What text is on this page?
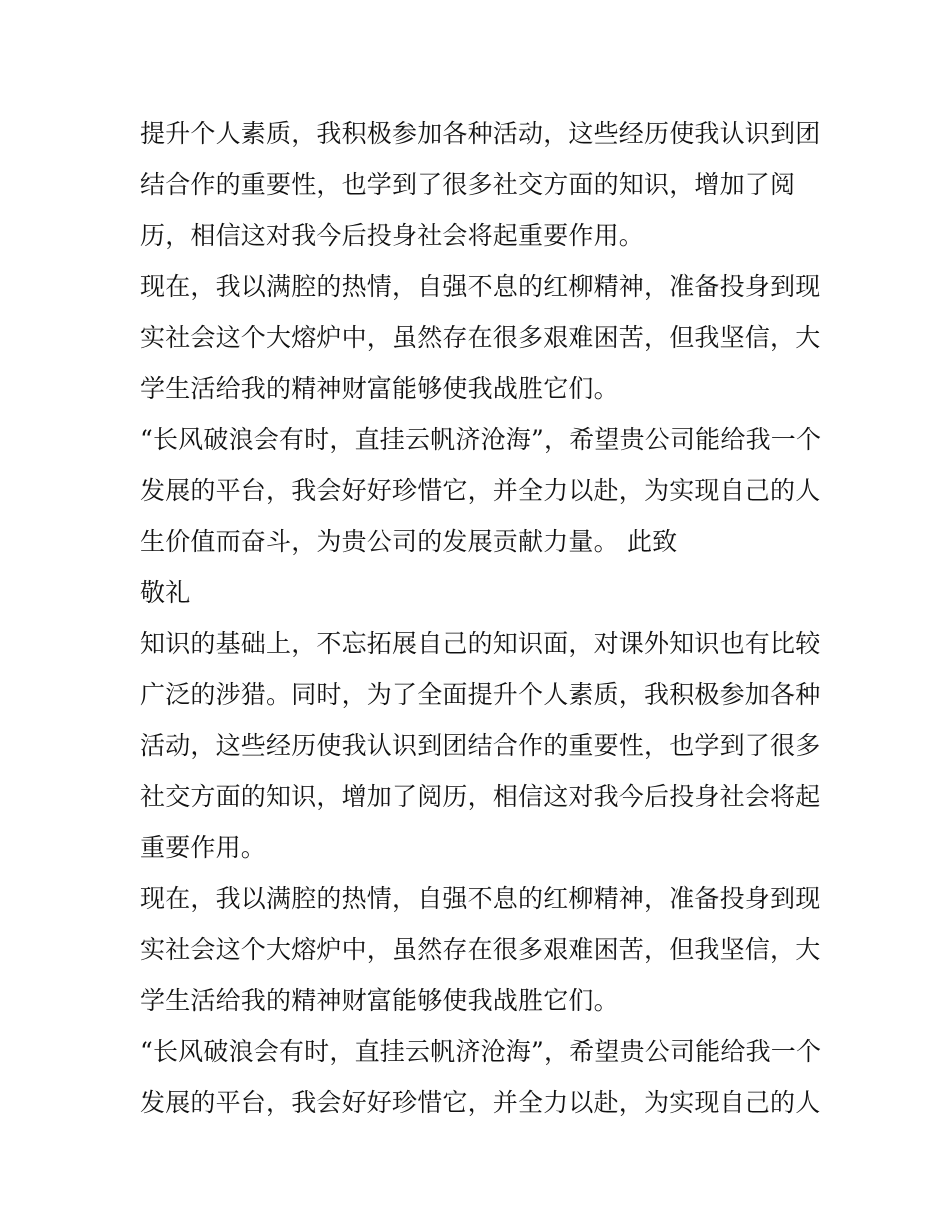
提升个人素质，我积极参加各种活动，这些经历使我认识到团
结合作的重要性，也学到了很多社交方面的知识，增加了阅
历，相信这对我今后投身社会将起重要作用。
现在，我以满腔的热情，自强不息的红柳精神，准备投身到现
实社会这个大熔炉中，虽然存在很多艰难困苦，但我坚信，大
学生活给我的精神财富能够使我战胜它们。
“长风破浪会有时，直挂云帆济沧海”，希望贵公司能给我一个
发展的平台，我会好好珍惜它，并全力以赴，为实现自己的人
生价值而奋斗，为贵公司的发展贡献力量。 此致
敬礼
知识的基础上，不忘拓展自己的知识面，对课外知识也有比较
广泛的涉猎。同时，为了全面提升个人素质，我积极参加各种
活动，这些经历使我认识到团结合作的重要性，也学到了很多
社交方面的知识，增加了阅历，相信这对我今后投身社会将起
重要作用。
现在，我以满腔的热情，自强不息的红柳精神，准备投身到现
实社会这个大熔炉中，虽然存在很多艰难困苦，但我坚信，大
学生活给我的精神财富能够使我战胜它们。
“长风破浪会有时，直挂云帆济沧海”，希望贵公司能给我一个
发展的平台，我会好好珍惜它，并全力以赴，为实现自己的人
